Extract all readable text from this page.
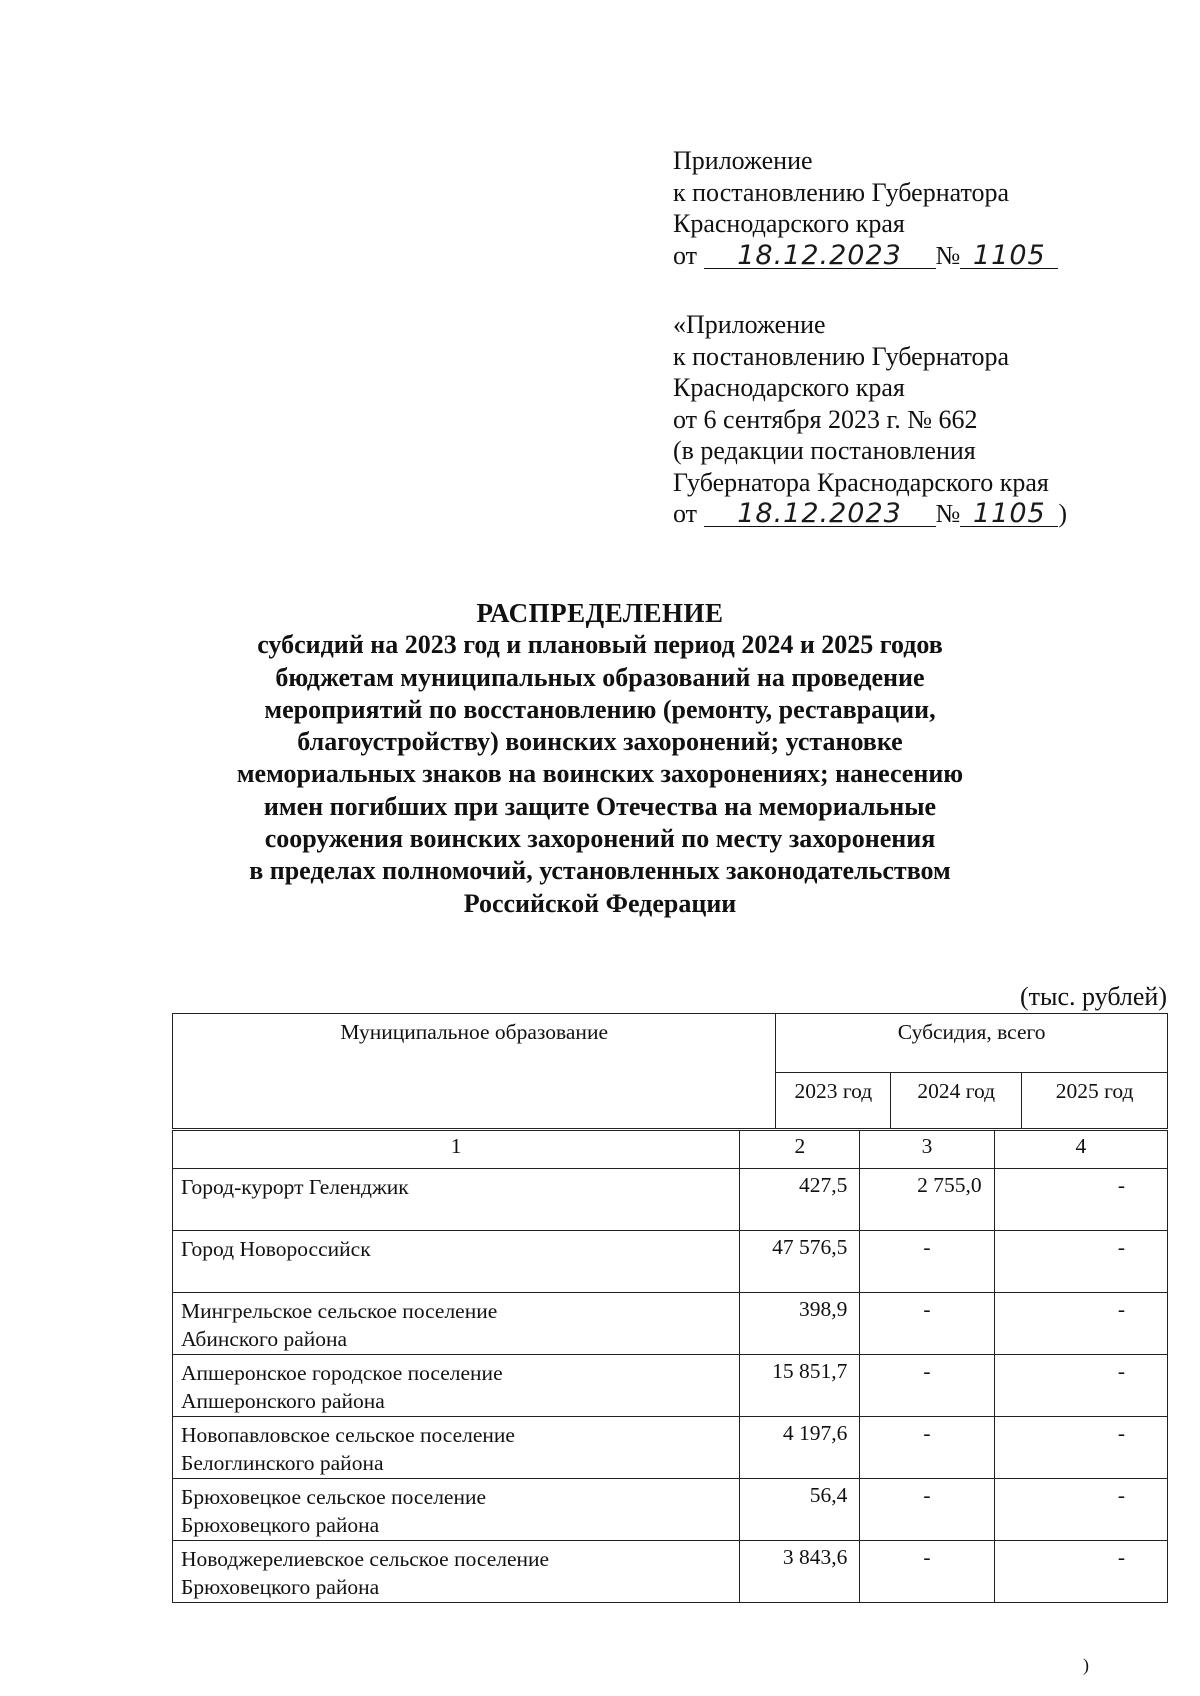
Приложение
к постановлению Губернатора
Краснодарского края
от 18.12.2023 № 1105
«Приложение
к постановлению Губернатора
Краснодарского края
от 6 сентября 2023 г. № 662
(в редакции постановления
Губернатора Краснодарского края
от 18.12.2023 № 1105 )
РАСПРЕДЕЛЕНИЕ
субсидий на 2023 год и плановый период 2024 и 2025 годов
бюджетам муниципальных образований на проведение
мероприятий по восстановлению (ремонту, реставрации,
благоустройству) воинских захоронений; установке
мемориальных знаков на воинских захоронениях; нанесению
имен погибших при защите Отечества на мемориальные
сооружения воинских захоронений по месту захоронения
в пределах полномочий, установленных законодательством
Российской Федерации
(тыс. рублей)
Муниципальное образование	Субсидия, всего		
	2023 год	2024 год	2025 год
1	2	3	4

Город-курорт Геленджик	427,5	2 755,0	-

Город Новороссийск	47 576,5	-	-

Мингрельское сельское поселение
Абинского района	398,9	-	-

Апшеронское городское поселение
Апшеронского района	15 851,7	-	-

Новопавловское сельское поселение
Белоглинского района	4 197,6	-	-

Брюховецкое сельское поселение
Брюховецкого района	56,4	-	-

Новоджерелиевское сельское поселение
Брюховецкого района	3 843,6	-	-
)
